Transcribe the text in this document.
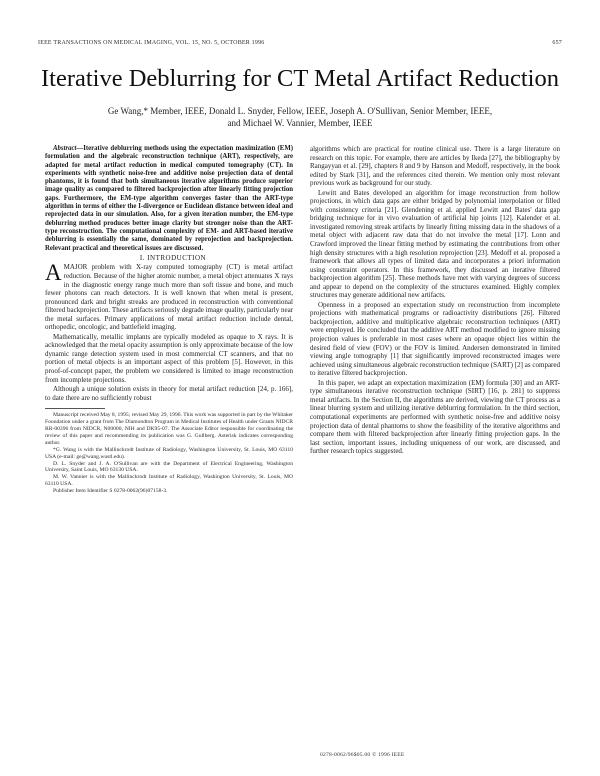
IEEE TRANSACTIONS ON MEDICAL IMAGING, VOL. 15, NO. 5, OCTOBER 1996	657
Iterative Deblurring for CT Metal Artifact Reduction
Ge Wang,* Member, IEEE, Donald L. Snyder, Fellow, IEEE, Joseph A. O'Sullivan, Senior Member, IEEE,
and Michael W. Vannier, Member, IEEE

Abstract—Iterative deblurring methods using the expectation maximization (EM) formulation and the algebraic reconstruction technique (ART), respectively, are adapted for metal artifact reduction in medical computed tomography (CT). In experiments with synthetic noise-free and additive noise projection data of dental phantoms, it is found that both simultaneous iterative algorithms produce superior image quality as compared to filtered backprojection after linearly fitting projection gaps. Furthermore, the EM-type algorithm converges faster than the ART-type algorithm in terms of either the I-divergence or Euclidean distance between ideal and reprojected data in our simulation. Also, for a given iteration number, the EM-type deblurring method produces better image clarity but stronger noise than the ART-type reconstruction. The computational complexity of EM- and ART-based iterative deblurring is essentially the same, dominated by reprojection and backprojection. Relevant practical and theoretical issues are discussed.

I. INTRODUCTION

AMAJOR problem with X-ray computed tomography (CT) is metal artifact reduction. Because of the higher atomic number, a metal object attenuates X rays in the diagnostic energy range much more than soft tissue and bone, and much fewer photons can reach detectors. It is well known that when metal is present, pronounced dark and bright streaks are produced in reconstruction with conventional filtered backprojection. These artifacts seriously degrade image quality, particularly near the metal surfaces. Primary applications of metal artifact reduction include dental, orthopedic, oncologic, and battlefield imaging.

Mathematically, metallic implants are typically modeled as opaque to X rays. It is acknowledged that the metal opacity assumption is only approximate because of the low dynamic range detection system used in most commercial CT scanners, and that no portion of metal objects is an important aspect of this problem [5]. However, in this proof-of-concept paper, the problem we considered is limited to image reconstruction from incomplete projections.

Although a unique solution exists in theory for metal artifact reduction [24, p. 166], to date there are no sufficiently robust

Manuscript received May 8, 1995; revised May 29, 1996. This work was supported in part by the Whitaker Foundation under a grant from The Diamondton Program in Medical Institutes of Health under Grants NIDCR RR-00396 from NIDCR, N00000, NIH and DK95-07. The Associate Editor responsible for coordinating the review of this paper and recommending its publication was G. Gullberg. Asterisk indicates corresponding author.

*G. Wang is with the Mallinckrodt Institute of Radiology, Washington University, St. Louis, MO 63110 USA (e-mail: ge@wang.wustl.edu).

D. L. Snyder and J. A. O'Sullivan are with the Department of Electrical Engineering, Washington University, Saint Louis, MO 63130 USA.

M. W. Vannier is with the Mallinckrodt Institute of Radiology, Washington University, St. Louis, MO 63110 USA.

Publisher Item Identifier S 0278-0062(96)07158-3.

algorithms which are practical for routine clinical use. There is a large literature on research on this topic. For example, there are articles by Ikeda [27], the bibliography by Rangayyan et al. [29], chapters 8 and 9 by Hanson and Medoff, respectively, in the book edited by Stark [31], and the references cited therein. We mention only most relevant previous work as background for our study.

Lewitt and Bates developed an algorithm for image reconstruction from hollow projections, in which data gaps are either bridged by polynomial interpolation or filled with consistency criteria [21]. Glendening et al. applied Lewitt and Bates' data gap bridging technique for in vivo evaluation of artificial hip joints [12]. Kalender et al. investigated removing streak artifacts by linearly fitting missing data in the shadows of a metal object with adjacent raw data that do not involve the metal [17]. Lonn and Crawford improved the linear fitting method by estimating the contributions from other high density structures with a high resolution reprojection [23]. Medoff et al. proposed a framework that allows all types of limited data and incorporates a priori information using constraint operators. In this framework, they discussed an iterative filtered backprojection algorithm [25]. These methods have met with varying degrees of success and appear to depend on the complexity of the structures examined. Highly complex structures may generate additional new artifacts.

Openness in a proposed an expectation study on reconstruction from incomplete projections with mathematical programs or radioactivity distributions [26]. Filtered backprojection, additive and multiplicative algebraic reconstruction techniques (ART) were employed. He concluded that the additive ART method modified to ignore missing projection values is preferable in most cases where an opaque object lies within the desired field of view (FOV) or the FOV is limited. Andersen demonstrated in limited viewing angle tomography [1] that significantly improved reconstructed images were achieved using simultaneous algebraic reconstruction technique (SART) [2] as compared to iterative filtered backprojection.

In this paper, we adapt an expectation maximization (EM) formula [30] and an ART-type simultaneous iterative reconstruction technique (SIRT) [16, p. 281] to suppress metal artifacts. In the Section II, the algorithms are derived, viewing the CT process as a linear blurring system and utilizing iterative deblurring formulation. In the third section, computational experiments are performed with synthetic noise-free and additive noisy projection data of dental phantoms to show the feasibility of the iterative algorithms and compare them with filtered backprojection after linearly fitting projection gaps. In the last section, important issues, including uniqueness of our work, are discussed, and further research topics suggested.

0278-0062/96$05.00 © 1996 IEEE
